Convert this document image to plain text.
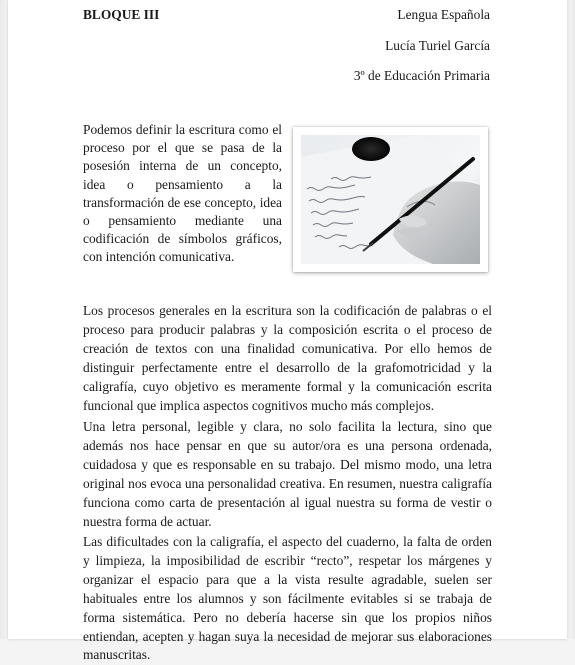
BLOQUE III	Lengua Española
Lucía Turiel García
3º de Educación Primaria

Podemos definir la escritura como el proceso por el que se pasa de la posesión interna de un concepto, idea o pensamiento a la transformación de ese concepto, idea o pensamiento mediante una codificación de símbolos gráficos, con intención comunicativa.

Los procesos generales en la escritura son la codificación de palabras o el proceso para producir palabras y la composición escrita o el proceso de creación de textos con una finalidad comunicativa. Por ello hemos de distinguir perfectamente entre el desarrollo de la grafomotricidad y la caligrafía, cuyo objetivo es meramente formal y la comunicación escrita funcional que implica aspectos cognitivos mucho más complejos.

Una letra personal, legible y clara, no solo facilita la lectura, sino que además nos hace pensar en que su autor/ora es una persona ordenada, cuidadosa y que es responsable en su trabajo. Del mismo modo, una letra original nos evoca una personalidad creativa. En resumen, nuestra caligrafía funciona como carta de presentación al igual nuestra su forma de vestir o nuestra forma de actuar.

Las dificultades con la caligrafía, el aspecto del cuaderno, la falta de orden y limpieza, la imposibilidad de escribir “recto”, respetar los márgenes y organizar el espacio para que a la vista resulte agradable, suelen ser habituales entre los alumnos y son fácilmente evitables si se trabaja de forma sistemática. Pero no debería hacerse sin que los propios niños entiendan, acepten y hagan suya la necesidad de mejorar sus elaboraciones manuscritas.
